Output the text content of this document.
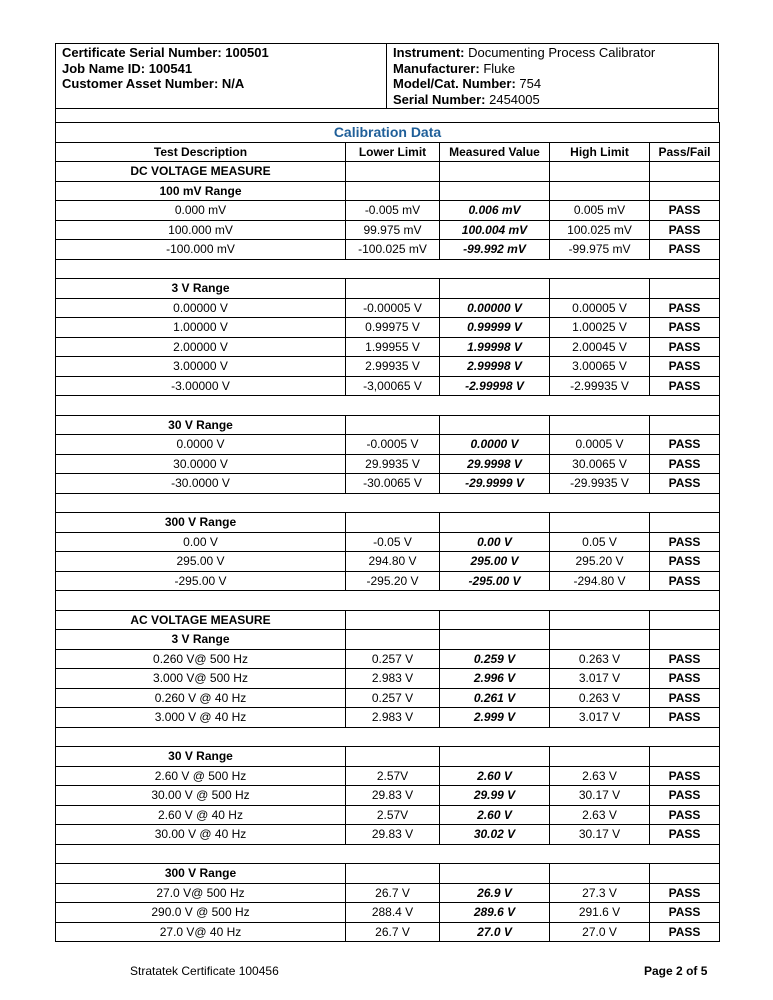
Certificate Serial Number: 100501
Job Name ID: 100541
Customer Asset Number: N/A
Instrument: Documenting Process Calibrator
Manufacturer: Fluke
Model/Cat. Number: 754
Serial Number: 2454005
Calibration Data				
Test Description	Lower Limit	Measured Value	High Limit	Pass/Fail
DC VOLTAGE MEASURE				
100 mV Range				
0.000 mV	-0.005 mV	0.006 mV	0.005 mV	PASS
100.000 mV	99.975 mV	100.004 mV	100.025 mV	PASS
-100.000 mV	-100.025 mV	-99.992 mV	-99.975 mV	PASS

3 V Range				
0.00000 V	-0.00005 V	0.00000 V	0.00005 V	PASS
1.00000 V	0.99975 V	0.99999 V	1.00025 V	PASS
2.00000 V	1.99955 V	1.99998 V	2.00045 V	PASS
3.00000 V	2.99935 V	2.99998 V	3.00065 V	PASS
-3.00000 V	-3,00065 V	-2.99998 V	-2.99935 V	PASS

30 V Range				
0.0000 V	-0.0005 V	0.0000 V	0.0005 V	PASS
30.0000 V	29.9935 V	29.9998 V	30.0065 V	PASS
-30.0000 V	-30.0065 V	-29.9999 V	-29.9935 V	PASS

300 V Range				
0.00 V	-0.05 V	0.00 V	0.05 V	PASS
295.00 V	294.80 V	295.00 V	295.20 V	PASS
-295.00 V	-295.20 V	-295.00 V	-294.80 V	PASS

AC VOLTAGE MEASURE				
3 V Range				
0.260 V@ 500 Hz	0.257 V	0.259 V	0.263 V	PASS
3.000 V@ 500 Hz	2.983 V	2.996 V	3.017 V	PASS
0.260 V @ 40 Hz	0.257 V	0.261 V	0.263 V	PASS
3.000 V @ 40 Hz	2.983 V	2.999 V	3.017 V	PASS

30 V Range				
2.60 V @ 500 Hz	2.57V	2.60 V	2.63 V	PASS
30.00 V @ 500 Hz	29.83 V	29.99 V	30.17 V	PASS
2.60 V @ 40 Hz	2.57V	2.60 V	2.63 V	PASS
30.00 V @ 40 Hz	29.83 V	30.02 V	30.17 V	PASS

300 V Range				
27.0 V@ 500 Hz	26.7 V	26.9 V	27.3 V	PASS
290.0 V @ 500 Hz	288.4 V	289.6 V	291.6 V	PASS
27.0 V@ 40 Hz	26.7 V	27.0 V	27.0 V	PASS
Stratatek Certificate 100456	Page 2 of 5
